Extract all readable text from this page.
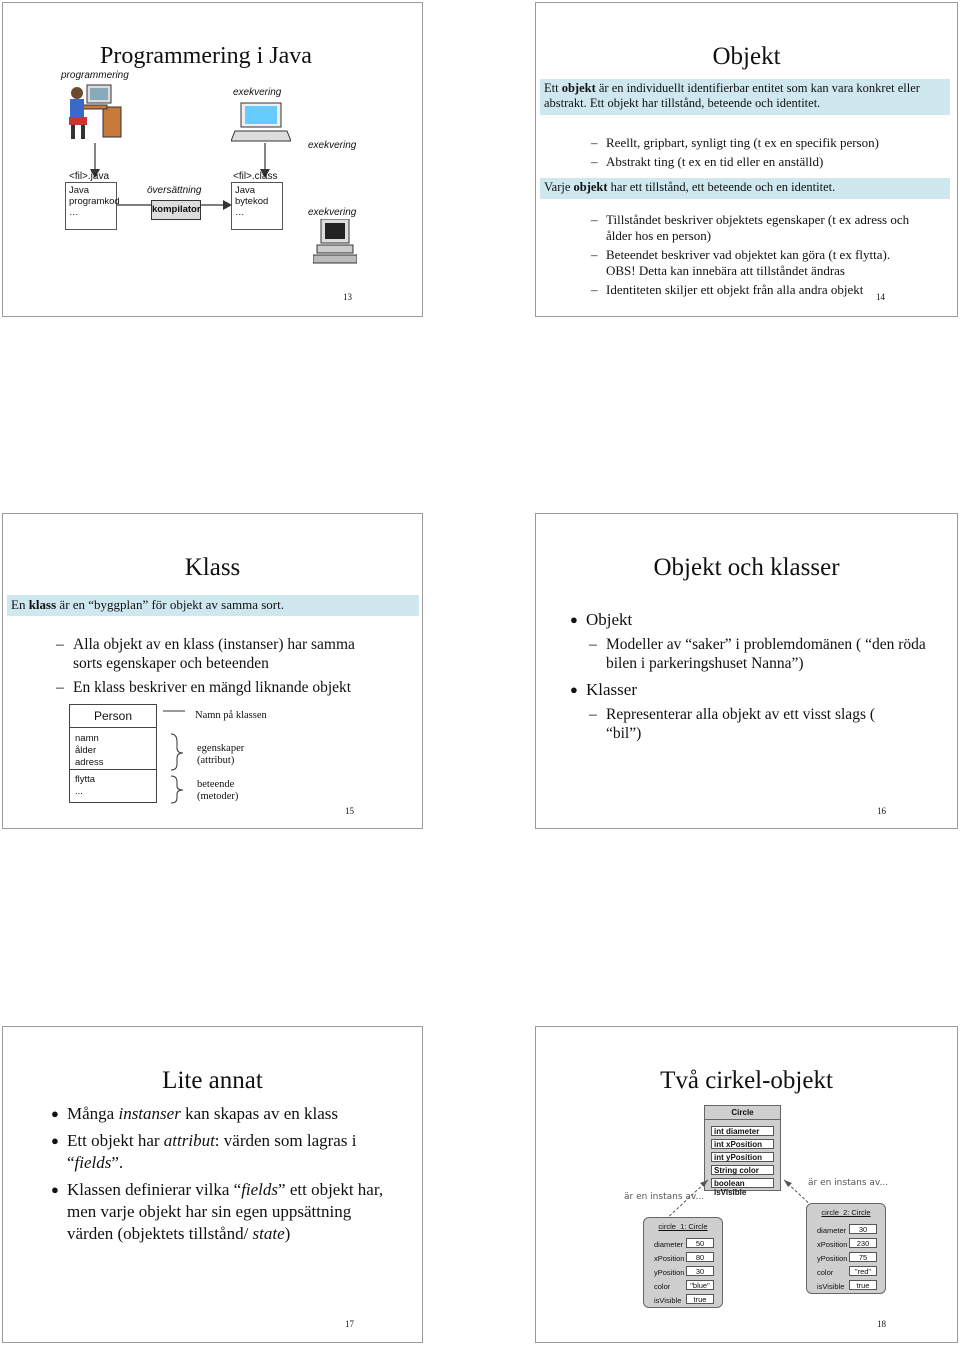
Programmering i Java
programmering
exekvering
exekvering
<fil>.java	<fil>.class
Java
programkod
…
översättning
kompilator
Java
bytekod
…	exekvering
13
Objekt
Ett objekt är en individuellt identifierbar entitet som kan vara konkret eller abstrakt. Ett objekt har tillstånd, beteende och identitet.
– Reellt, gripbart, synligt ting (t ex en specifik person)
– Abstrakt ting (t ex en tid eller en anställd)
Varje objekt har ett tillstånd, ett beteende och en identitet.
– Tillståndet beskriver objektets egenskaper (t ex adress och ålder hos en person)
– Beteendet beskriver vad objektet kan göra (t ex flytta). OBS! Detta kan innebära att tillståndet ändras
– Identiteten skiljer ett objekt från alla andra objekt	14
Klass
En klass är en “byggplan” för objekt av samma sort.
– Alla objekt av en klass (instanser) har samma sorts egenskaper och beteenden
– En klass beskriver en mängd liknande objekt
Person
namn
ålder
adress
flytta
...
Namn på klassen
egenskaper
(attribut)
beteende
(metoder)
15
Objekt och klasser
● Objekt
– Modeller av “saker” i problemdomänen ( “den röda bilen i parkeringshuset Nanna”)
● Klasser
– Representerar alla objekt av ett visst slags ( “bil”)
16
Lite annat
● Många instanser kan skapas av en klass
● Ett objekt har attribut: värden som lagras i “fields”.
● Klassen definierar vilka “fields” ett objekt har, men varje objekt har sin egen uppsättning värden (objektets tillstånd/ state)
17
Två cirkel-objekt
Circle
int diameter
int xPosition
int yPosition
String color
boolean isVisible
är en instans av...
är en instans av...
circle_1: Circle
diameter	50
xPosition	80
yPosition	30
color	"blue"
isVisible	true
circle_2: Circle
diameter	30
xPosition	230
yPosition	75
color	"red"
isVisible	true
18
